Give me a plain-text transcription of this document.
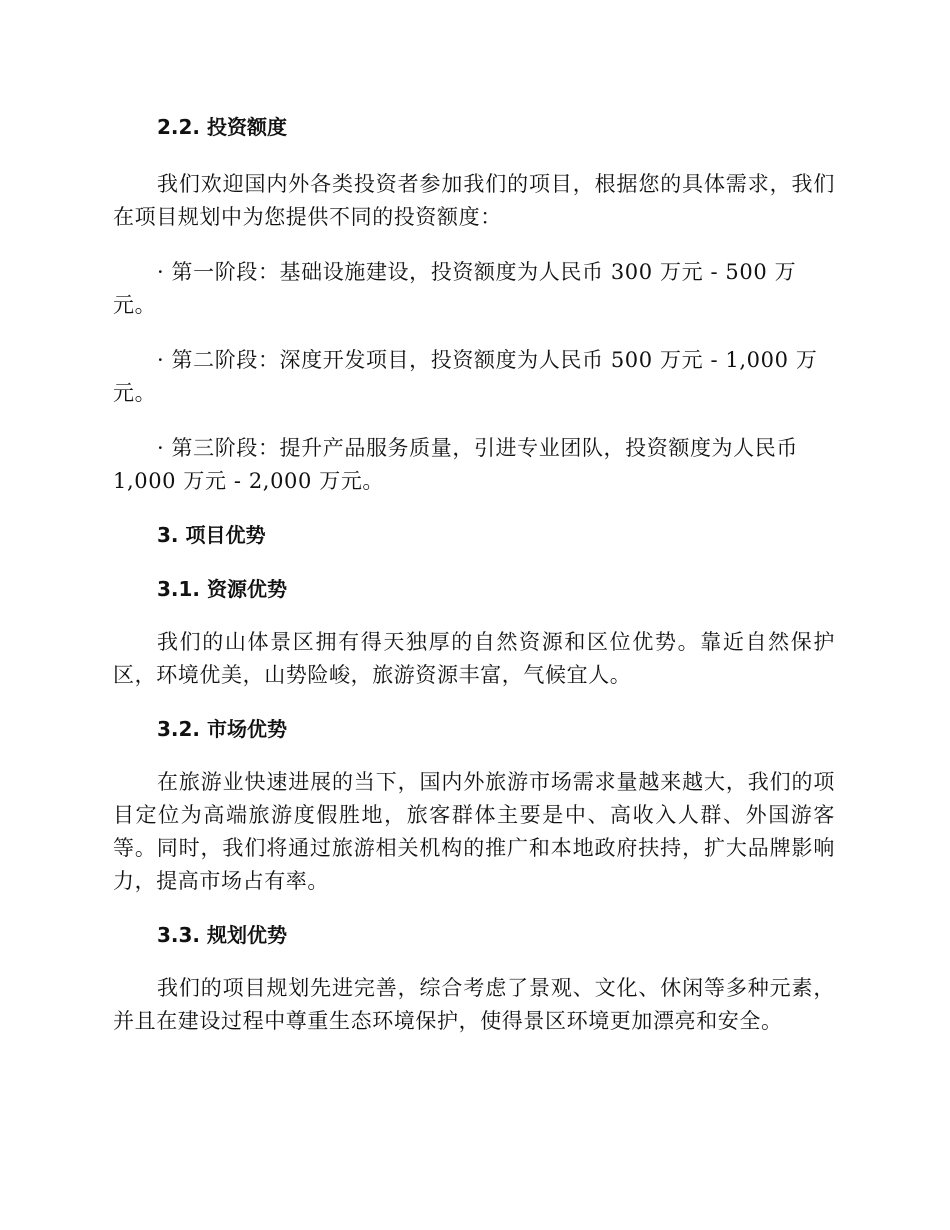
2.2. 投资额度

我们欢迎国内外各类投资者参加我们的项目，根据您的具体需求，我们在项目规划中为您提供不同的投资额度：

· 第一阶段：基础设施建设，投资额度为人民币 300 万元 - 500 万元。

· 第二阶段：深度开发项目，投资额度为人民币 500 万元 - 1,000 万元。

· 第三阶段：提升产品服务质量，引进专业团队，投资额度为人民币 1,000 万元 - 2,000 万元。

3. 项目优势
3.1. 资源优势

我们的山体景区拥有得天独厚的自然资源和区位优势。靠近自然保护区，环境优美，山势险峻，旅游资源丰富，气候宜人。

3.2. 市场优势

在旅游业快速进展的当下，国内外旅游市场需求量越来越大，我们的项目定位为高端旅游度假胜地，旅客群体主要是中、高收入人群、外国游客等。同时，我们将通过旅游相关机构的推广和本地政府扶持，扩大品牌影响力，提高市场占有率。

3.3. 规划优势

我们的项目规划先进完善，综合考虑了景观、文化、休闲等多种元素，并且在建设过程中尊重生态环境保护，使得景区环境更加漂亮和安全。
